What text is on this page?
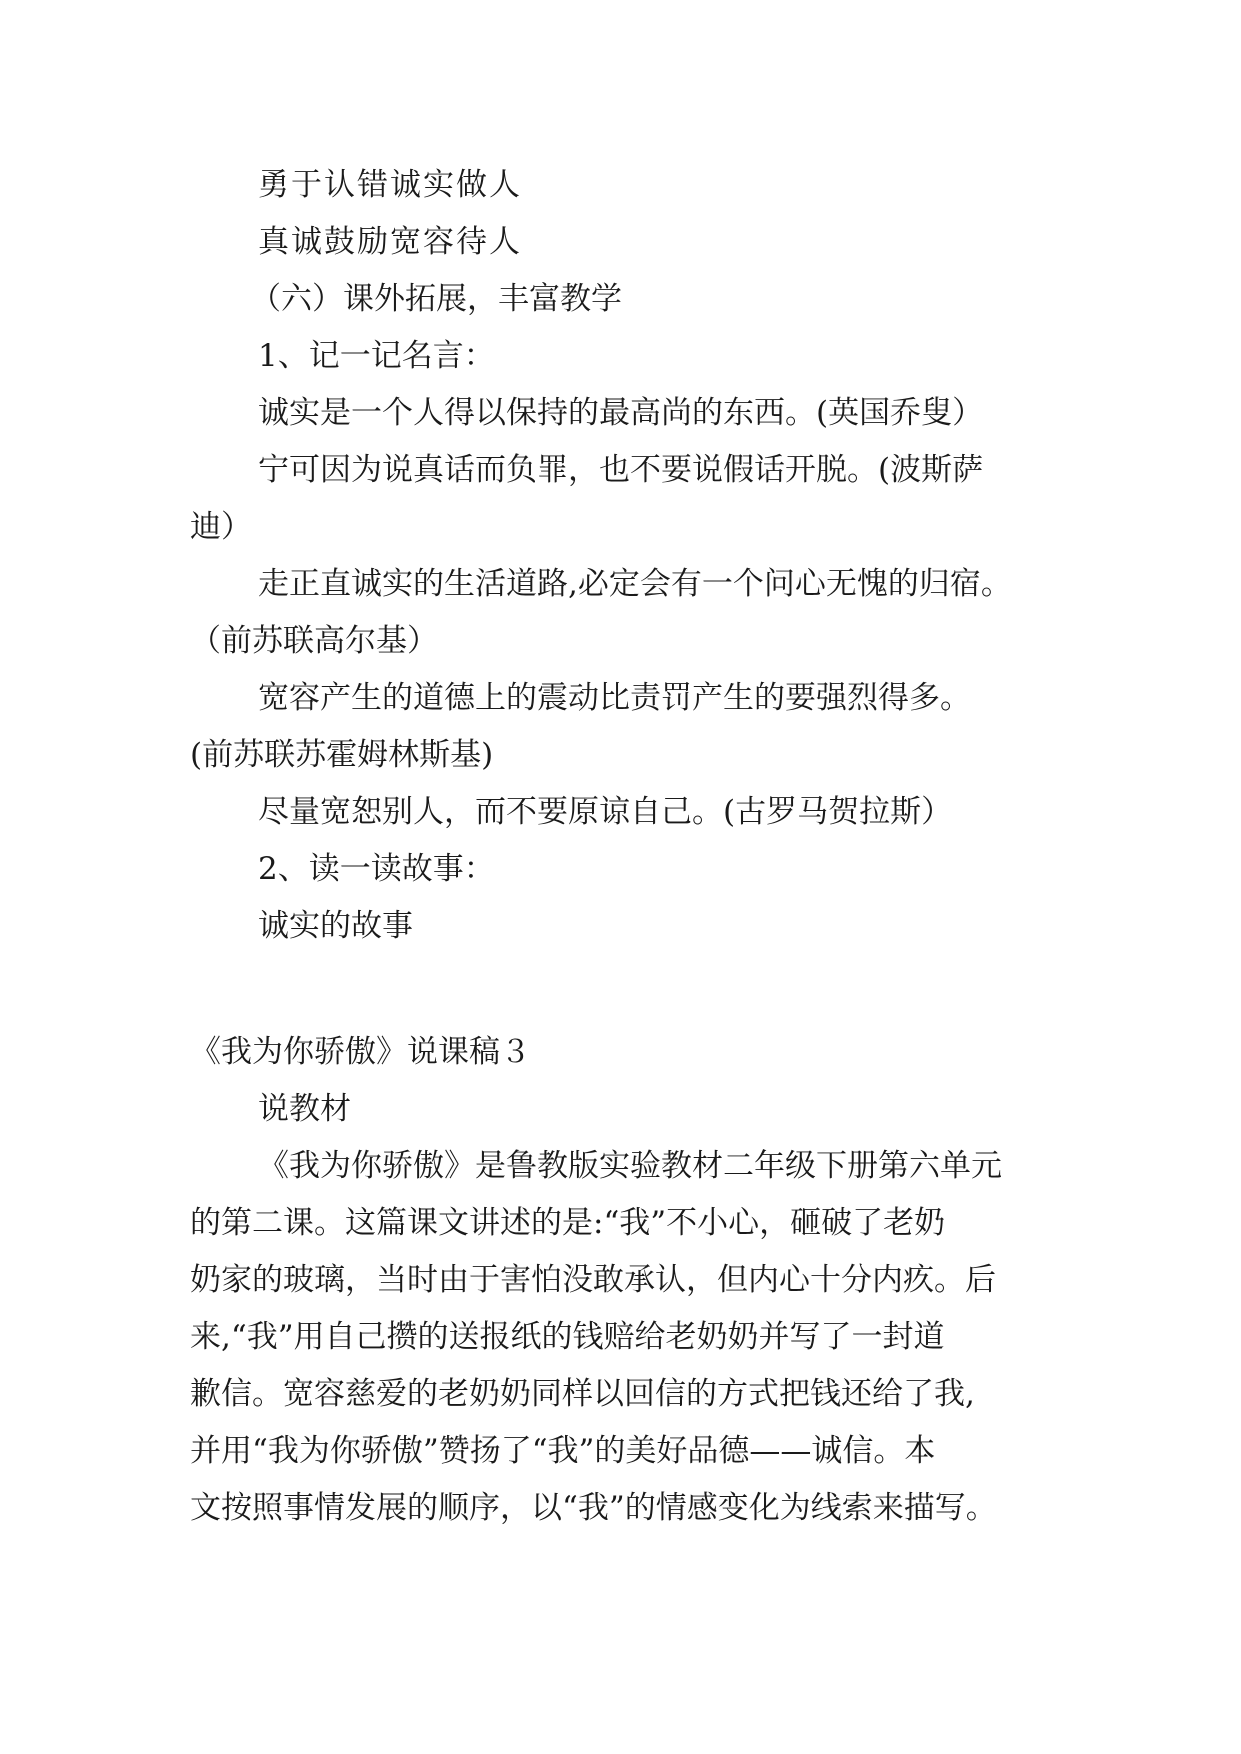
勇于认错诚实做人
真诚鼓励宽容待人
（六）课外拓展，丰富教学
1、记一记名言：
诚实是一个人得以保持的最高尚的东西。(英国乔叟）
宁可因为说真话而负罪，也不要说假话开脱。(波斯萨
迪）
走正直诚实的生活道路,必定会有一个问心无愧的归宿。
（前苏联高尔基）
宽容产生的道德上的震动比责罚产生的要强烈得多。
(前苏联苏霍姆林斯基)
尽量宽恕别人，而不要原谅自己。(古罗马贺拉斯）
2、读一读故事：
诚实的故事
《我为你骄傲》说课稿３
说教材
《我为你骄傲》是鲁教版实验教材二年级下册第六单元
的第二课。这篇课文讲述的是:“我”不小心，砸破了老奶
奶家的玻璃，当时由于害怕没敢承认，但内心十分内疚。后
来,“我”用自己攒的送报纸的钱赔给老奶奶并写了一封道
歉信。宽容慈爱的老奶奶同样以回信的方式把钱还给了我,
并用“我为你骄傲”赞扬了“我”的美好品德——诚信。本
文按照事情发展的顺序，以“我”的情感变化为线索来描写。
